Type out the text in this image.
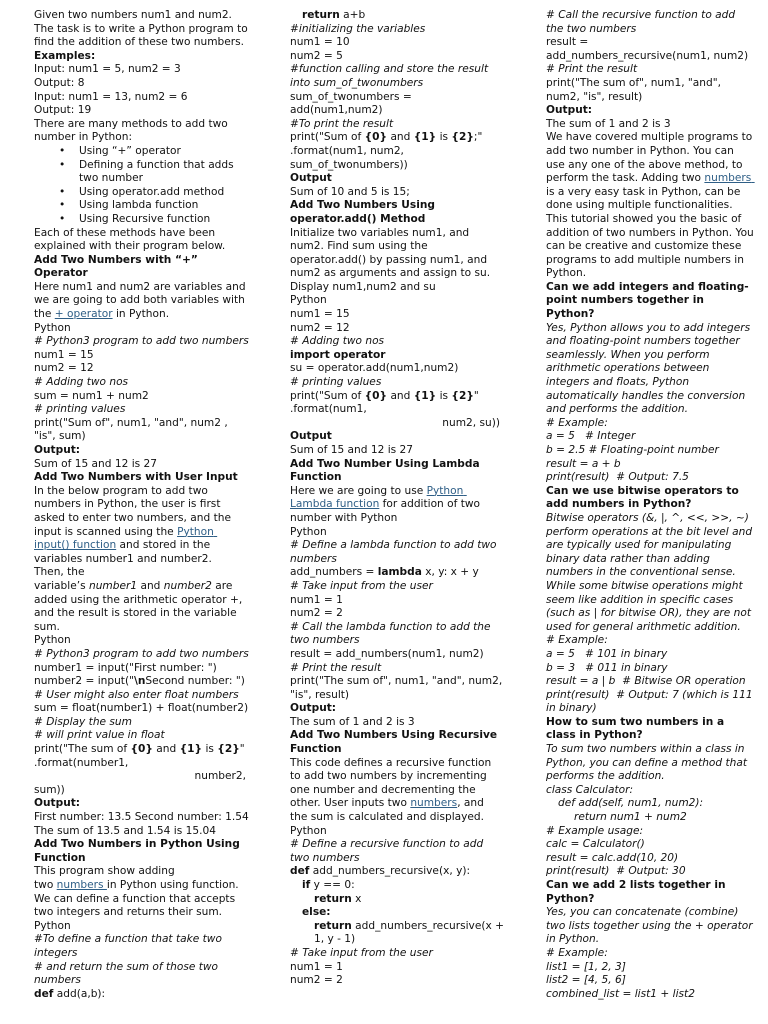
Given two numbers num1 and num2. The task is to write a Python program to find the addition of these two numbers.
Examples:
Input: num1 = 5, num2 = 3
Output: 8
Input: num1 = 13, num2 = 6
Output: 19
There are many methods to add two number in Python:
•	Using “+” operator
•	Defining a function that adds two number
•	Using operator.add method
•	Using lambda function
•	Using Recursive function
Each of these methods have been explained with their program below.
Add Two Numbers with “+” Operator
Here num1 and num2 are variables and we are going to add both variables with the + operator in Python.
Python
# Python3 program to add two numbers
num1 = 15
num2 = 12
# Adding two nos
sum = num1 + num2
# printing values
print("Sum of", num1, "and", num2 , "is", sum)
Output:
Sum of 15 and 12 is 27
Add Two Numbers with User Input
In the below program to add two numbers in Python, the user is first asked to enter two numbers, and the input is scanned using the Python input() function and stored in the variables number1 and number2.
Then, the
variable’s number1 and number2 are added using the arithmetic operator +, and the result is stored in the variable sum.
Python
# Python3 program to add two numbers
number1 = input("First number: ")
number2 = input("\nSecond number: ")
# User might also enter float numbers
sum = float(number1) + float(number2)
# Display the sum
# will print value in float
print("The sum of {0} and {1} is {2}" .format(number1,
number2,
sum))
Output:
First number: 13.5 Second number: 1.54
The sum of 13.5 and 1.54 is 15.04
Add Two Numbers in Python Using Function
This program show adding
two numbers in Python using function. We can define a function that accepts two integers and returns their sum.
Python
#To define a function that take two integers
# and return the sum of those two numbers
def add(a,b):
return a+b
#initializing the variables
num1 = 10
num2 = 5
#function calling and store the result into sum_of_twonumbers
sum_of_twonumbers = add(num1,num2)
#To print the result
print("Sum of {0} and {1} is {2};" .format(num1, num2, sum_of_twonumbers))
Output
Sum of 10 and 5 is 15;
Add Two Numbers Using operator.add() Method
Initialize two variables num1, and num2. Find sum using the operator.add() by passing num1, and num2 as arguments and assign to su. Display num1,num2 and su
Python
num1 = 15
num2 = 12
# Adding two nos
import operator
su = operator.add(num1,num2)
# printing values
print("Sum of {0} and {1} is {2}" .format(num1,
num2, su))
Output
Sum of 15 and 12 is 27
Add Two Number Using Lambda Function
Here we are going to use Python Lambda function for addition of two number with Python
Python
# Define a lambda function to add two numbers
add_numbers = lambda x, y: x + y
# Take input from the user
num1 = 1
num2 = 2
# Call the lambda function to add the two numbers
result = add_numbers(num1, num2)
# Print the result
print("The sum of", num1, "and", num2, "is", result)
Output:
The sum of 1 and 2 is 3
Add Two Numbers Using Recursive Function
This code defines a recursive function to add two numbers by incrementing one number and decrementing the other. User inputs two numbers, and the sum is calculated and displayed.
Python
# Define a recursive function to add two numbers
def add_numbers_recursive(x, y):
if y == 0:
return x
else:
return add_numbers_recursive(x + 1, y - 1)
# Take input from the user
num1 = 1
num2 = 2
# Call the recursive function to add the two numbers
result = add_numbers_recursive(num1, num2)
# Print the result
print("The sum of", num1, "and", num2, "is", result)
Output:
The sum of 1 and 2 is 3
We have covered multiple programs to add two number in Python. You can use any one of the above method, to perform the task. Adding two numbers is a very easy task in Python, can be done using multiple functionalities.
This tutorial showed you the basic of addition of two numbers in Python. You can be creative and customize these programs to add multiple numbers in Python.
Can we add integers and floating-point numbers together in Python?
Yes, Python allows you to add integers and floating-point numbers together seamlessly. When you perform arithmetic operations between integers and floats, Python automatically handles the conversion and performs the addition.
# Example:
a = 5   # Integer
b = 2.5 # Floating-point number
result = a + b
print(result)  # Output: 7.5
Can we use bitwise operators to add numbers in Python?
Bitwise operators (&, |, ^, <<, >>, ~) perform operations at the bit level and are typically used for manipulating binary data rather than adding numbers in the conventional sense. While some bitwise operations might seem like addition in specific cases (such as | for bitwise OR), they are not used for general arithmetic addition.
# Example:
a = 5   # 101 in binary
b = 3   # 011 in binary
result = a | b  # Bitwise OR operation
print(result)  # Output: 7 (which is 111 in binary)
How to sum two numbers in a class in Python?
To sum two numbers within a class in Python, you can define a method that performs the addition.
class Calculator:
def add(self, num1, num2):
return num1 + num2
# Example usage:
calc = Calculator()
result = calc.add(10, 20)
print(result)  # Output: 30
Can we add 2 lists together in Python?
Yes, you can concatenate (combine) two lists together using the + operator in Python.
# Example:
list1 = [1, 2, 3]
list2 = [4, 5, 6]
combined_list = list1 + list2
